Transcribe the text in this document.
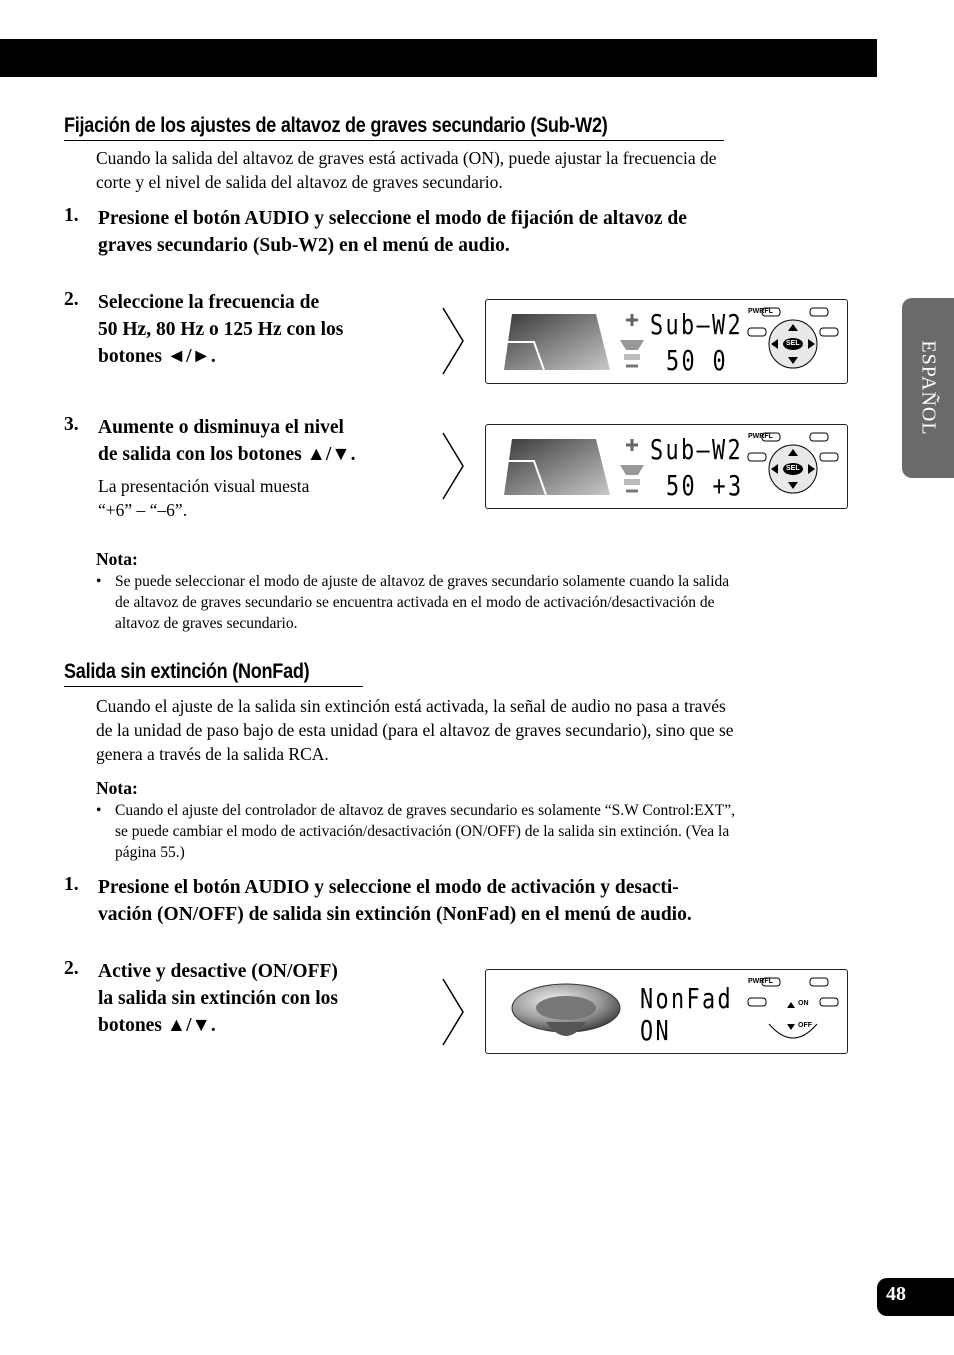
Fijación de los ajustes de altavoz de graves secundario (Sub-W2)
Cuando la salida del altavoz de graves está activada (ON), puede ajustar la frecuencia de
corte y el nivel de salida del altavoz de graves secundario.
1. Presione el botón AUDIO y seleccione el modo de fijación de altavoz de
graves secundario (Sub-W2) en el menú de audio.
2. Seleccione la frecuencia de
50 Hz, 80 Hz o 125 Hz con los
botones ◄/►.
3. Aumente o disminuya el nivel
de salida con los botones ▲/▼.
La presentación visual muesta
“+6” – “–6”.
Sub–W2
50 0
PWRFL
SEL
Sub–W2
50 +3
PWRFL
SEL
Nota:
• Se puede seleccionar el modo de ajuste de altavoz de graves secundario solamente cuando la salida
de altavoz de graves secundario se encuentra activada en el modo de activación/desactivación de
altavoz de graves secundario.
Salida sin extinción (NonFad)
Cuando el ajuste de la salida sin extinción está activada, la señal de audio no pasa a través
de la unidad de paso bajo de esta unidad (para el altavoz de graves secundario), sino que se
genera a través de la salida RCA.
Nota:
• Cuando el ajuste del controlador de altavoz de graves secundario es solamente “S.W Control:EXT”,
se puede cambiar el modo de activación/desactivación (ON/OFF) de la salida sin extinción. (Vea la
página 55.)
1. Presione el botón AUDIO y seleccione el modo de activación y desacti-
vación (ON/OFF) de salida sin extinción (NonFad) en el menú de audio.
2. Active y desactive (ON/OFF)
la salida sin extinción con los
botones ▲/▼.
NonFad
ON
PWRFL
ON
OFF
ESPAÑOL
48
